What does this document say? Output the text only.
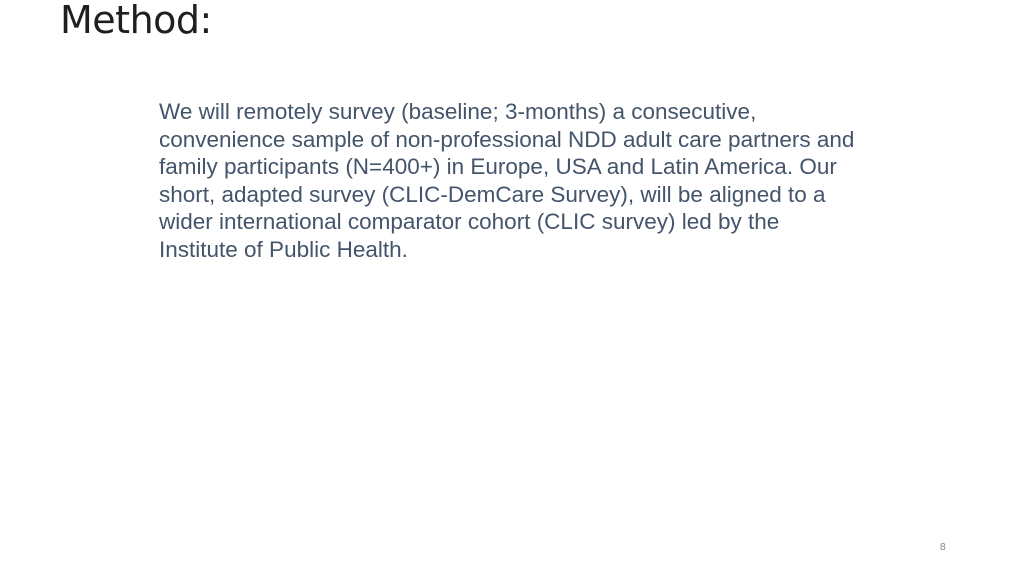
Method:

We will remotely survey (baseline; 3-months) a consecutive, convenience sample of non-professional NDD adult care partners and family participants (N=400+) in Europe, USA and Latin America. Our short, adapted survey (CLIC-DemCare Survey), will be aligned to a wider international comparator cohort (CLIC survey) led by the Institute of Public Health.

8
